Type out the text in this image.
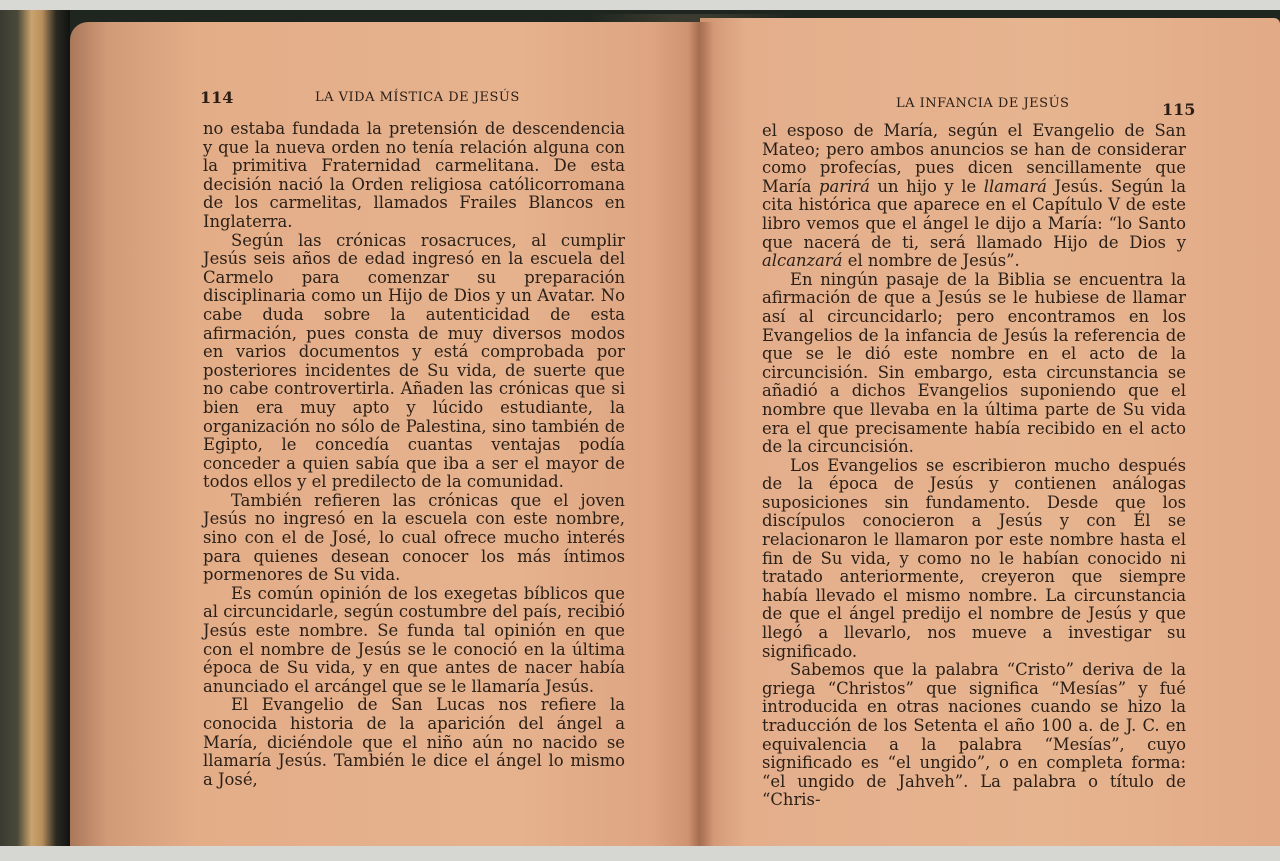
114	LA VIDA MÍSTICA DE JESÚS

no estaba fundada la pretensión de descendencia y que la nueva orden no tenía relación alguna con la primitiva Fraternidad carmelitana. De esta decisión nació la Orden religiosa católicorromana de los carmelitas, llamados Frailes Blancos en Inglaterra.

Según las crónicas rosacruces, al cumplir Jesús seis años de edad ingresó en la escuela del Carmelo para comenzar su preparación disciplinaria como un Hijo de Dios y un Avatar. No cabe duda sobre la autenticidad de esta afirmación, pues consta de muy diversos modos en varios documentos y está comprobada por posteriores incidentes de Su vida, de suerte que no cabe controvertirla. Añaden las crónicas que si bien era muy apto y lúcido estudiante, la organización no sólo de Palestina, sino también de Egipto, le concedía cuantas ventajas podía conceder a quien sabía que iba a ser el mayor de todos ellos y el predilecto de la comunidad.

También refieren las crónicas que el joven Jesús no ingresó en la escuela con este nombre, sino con el de José, lo cual ofrece mucho interés para quienes desean conocer los más íntimos pormenores de Su vida.

Es común opinión de los exegetas bíblicos que al circuncidarle, según costumbre del país, recibió Jesús este nombre. Se funda tal opinión en que con el nombre de Jesús se le conoció en la última época de Su vida, y en que antes de nacer había anunciado el arcángel que se le llamaría Jesús.

El Evangelio de San Lucas nos refiere la conocida historia de la aparición del ángel a María, diciéndole que el niño aún no nacido se llamaría Jesús. También le dice el ángel lo mismo a José,

LA INFANCIA DE JESÚS	115

el esposo de María, según el Evangelio de San Mateo; pero ambos anuncios se han de considerar como profecías, pues dicen sencillamente que María parirá un hijo y le llamará Jesús. Según la cita histórica que aparece en el Capítulo V de este libro vemos que el ángel le dijo a María: “lo Santo que nacerá de ti, será llamado Hijo de Dios y alcanzará el nombre de Jesús”.

En ningún pasaje de la Biblia se encuentra la afirmación de que a Jesús se le hubiese de llamar así al circuncidarlo; pero encontramos en los Evangelios de la infancia de Jesús la referencia de que se le dió este nombre en el acto de la circuncisión. Sin embargo, esta circunstancia se añadió a dichos Evangelios suponiendo que el nombre que llevaba en la última parte de Su vida era el que precisamente había recibido en el acto de la circuncisión.

Los Evangelios se escribieron mucho después de la época de Jesús y contienen análogas suposiciones sin fundamento. Desde que los discípulos conocieron a Jesús y con Él se relacionaron le llamaron por este nombre hasta el fin de Su vida, y como no le habían conocido ni tratado anteriormente, creyeron que siempre había llevado el mismo nombre. La circunstancia de que el ángel predijo el nombre de Jesús y que llegó a llevarlo, nos mueve a investigar su significado.

Sabemos que la palabra “Cristo” deriva de la griega “Christos” que significa “Mesías” y fué introducida en otras naciones cuando se hizo la traducción de los Setenta el año 100 a. de J. C. en equivalencia a la palabra “Mesías”, cuyo significado es “el ungido”, o en completa forma: “el ungido de Jahveh”. La palabra o título de “Chris-
